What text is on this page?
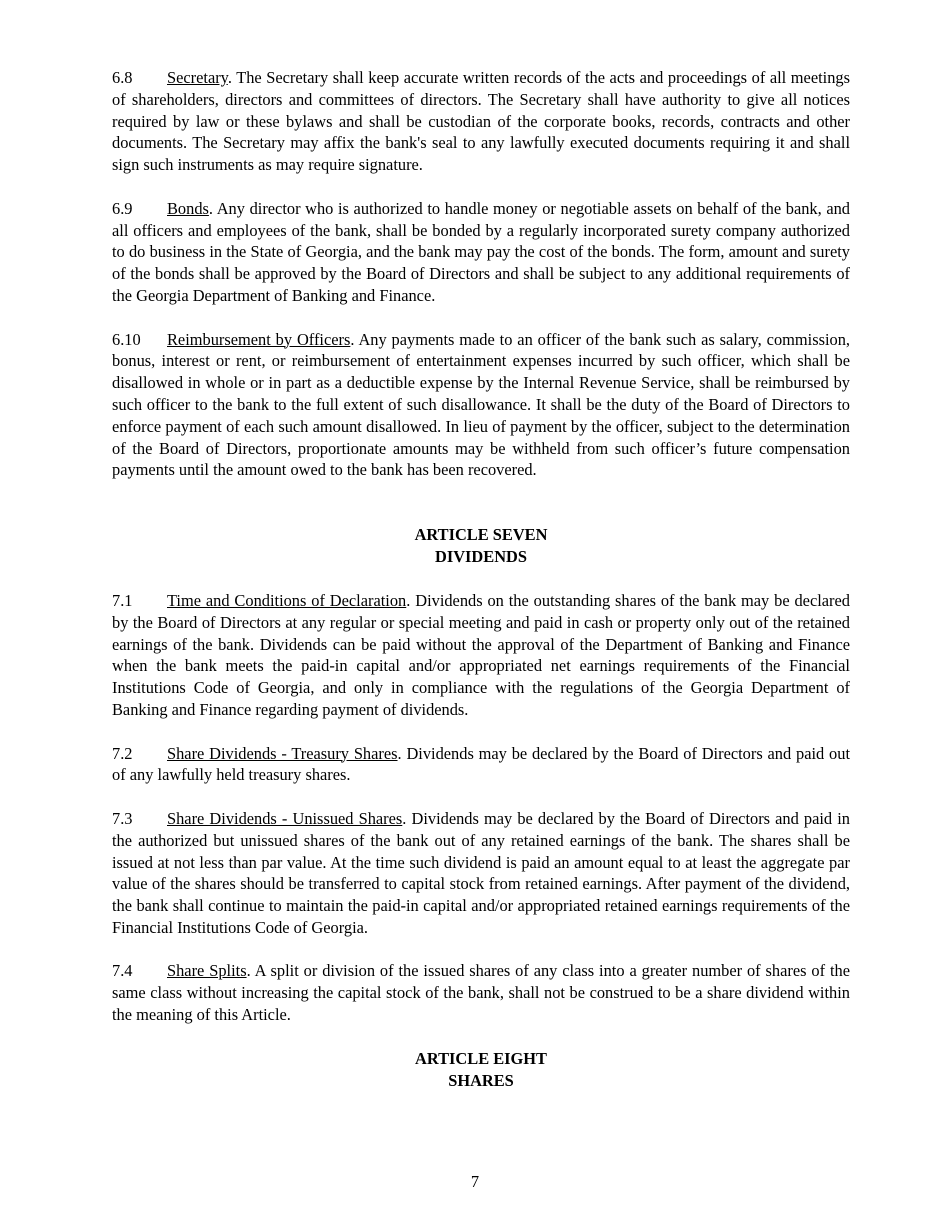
6.8 Secretary. The Secretary shall keep accurate written records of the acts and proceedings of all meetings of shareholders, directors and committees of directors. The Secretary shall have authority to give all notices required by law or these bylaws and shall be custodian of the corporate books, records, contracts and other documents. The Secretary may affix the bank's seal to any lawfully executed documents requiring it and shall sign such instruments as may require signature.

6.9 Bonds. Any director who is authorized to handle money or negotiable assets on behalf of the bank, and all officers and employees of the bank, shall be bonded by a regularly incorporated surety company authorized to do business in the State of Georgia, and the bank may pay the cost of the bonds. The form, amount and surety of the bonds shall be approved by the Board of Directors and shall be subject to any additional requirements of the Georgia Department of Banking and Finance.

6.10 Reimbursement by Officers. Any payments made to an officer of the bank such as salary, commission, bonus, interest or rent, or reimbursement of entertainment expenses incurred by such officer, which shall be disallowed in whole or in part as a deductible expense by the Internal Revenue Service, shall be reimbursed by such officer to the bank to the full extent of such disallowance. It shall be the duty of the Board of Directors to enforce payment of each such amount disallowed. In lieu of payment by the officer, subject to the determination of the Board of Directors, proportionate amounts may be withheld from such officer’s future compensation payments until the amount owed to the bank has been recovered.

ARTICLE SEVEN

DIVIDENDS

7.1 Time and Conditions of Declaration. Dividends on the outstanding shares of the bank may be declared by the Board of Directors at any regular or special meeting and paid in cash or property only out of the retained earnings of the bank. Dividends can be paid without the approval of the Department of Banking and Finance when the bank meets the paid-in capital and/or appropriated net earnings requirements of the Financial Institutions Code of Georgia, and only in compliance with the regulations of the Georgia Department of Banking and Finance regarding payment of dividends.

7.2 Share Dividends - Treasury Shares. Dividends may be declared by the Board of Directors and paid out of any lawfully held treasury shares.

7.3 Share Dividends - Unissued Shares. Dividends may be declared by the Board of Directors and paid in the authorized but unissued shares of the bank out of any retained earnings of the bank. The shares shall be issued at not less than par value. At the time such dividend is paid an amount equal to at least the aggregate par value of the shares should be transferred to capital stock from retained earnings. After payment of the dividend, the bank shall continue to maintain the paid-in capital and/or appropriated retained earnings requirements of the Financial Institutions Code of Georgia.

7.4 Share Splits. A split or division of the issued shares of any class into a greater number of shares of the same class without increasing the capital stock of the bank, shall not be construed to be a share dividend within the meaning of this Article.

ARTICLE EIGHT

SHARES

7
